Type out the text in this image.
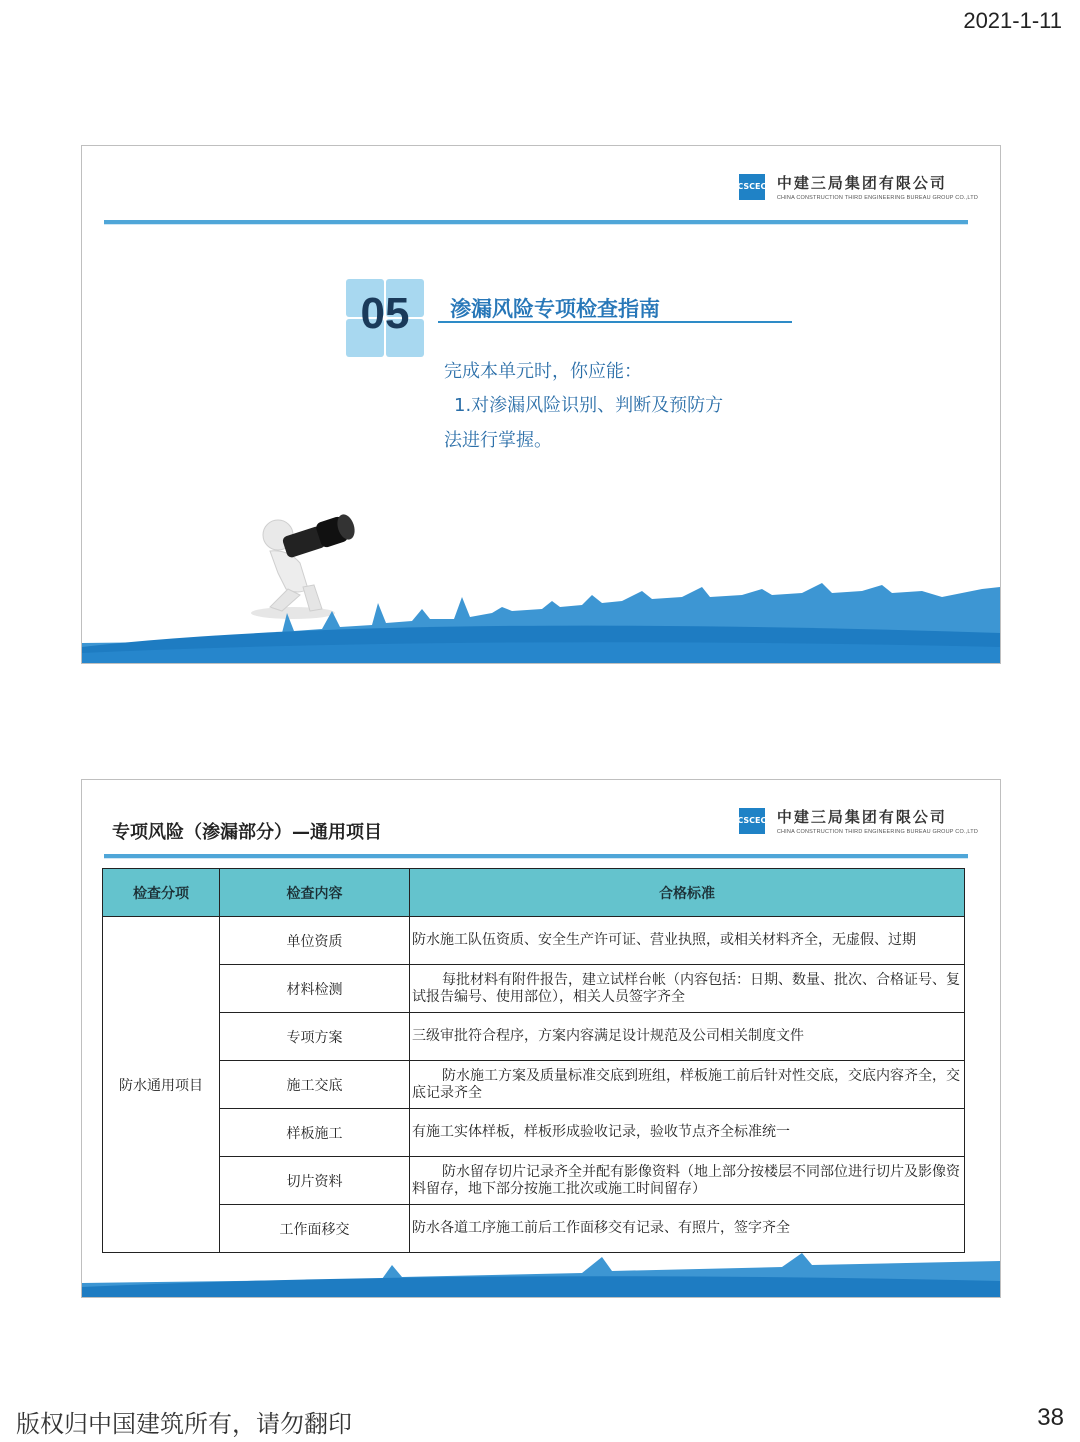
2021-1-11
CSCEC 中建三局集团有限公司
CHINA CONSTRUCTION THIRD ENGINEERING BUREAU GROUP CO.,LTD
05	渗漏风险专项检查指南
完成本单元时，你应能：
1.对渗漏风险识别、判断及预防方
法进行掌握。
专项风险（渗漏部分）—通用项目
CSCEC 中建三局集团有限公司
CHINA CONSTRUCTION THIRD ENGINEERING BUREAU GROUP CO.,LTD
检查分项	检查内容	合格标准
防水通用项目	单位资质	防水施工队伍资质、安全生产许可证、营业执照，或相关材料齐全，无虚假、过期
	材料检测	每批材料有附件报告，建立试样台帐（内容包括：日期、数量、批次、合格证号、复试报告编号、使用部位），相关人员签字齐全
	专项方案	三级审批符合程序，方案内容满足设计规范及公司相关制度文件
	施工交底	防水施工方案及质量标准交底到班组，样板施工前后针对性交底，交底内容齐全，交底记录齐全
	样板施工	有施工实体样板，样板形成验收记录，验收节点齐全标准统一
	切片资料	防水留存切片记录齐全并配有影像资料（地上部分按楼层不同部位进行切片及影像资料留存，地下部分按施工批次或施工时间留存）
	工作面移交	防水各道工序施工前后工作面移交有记录、有照片，签字齐全
版权归中国建筑所有，请勿翻印	38
